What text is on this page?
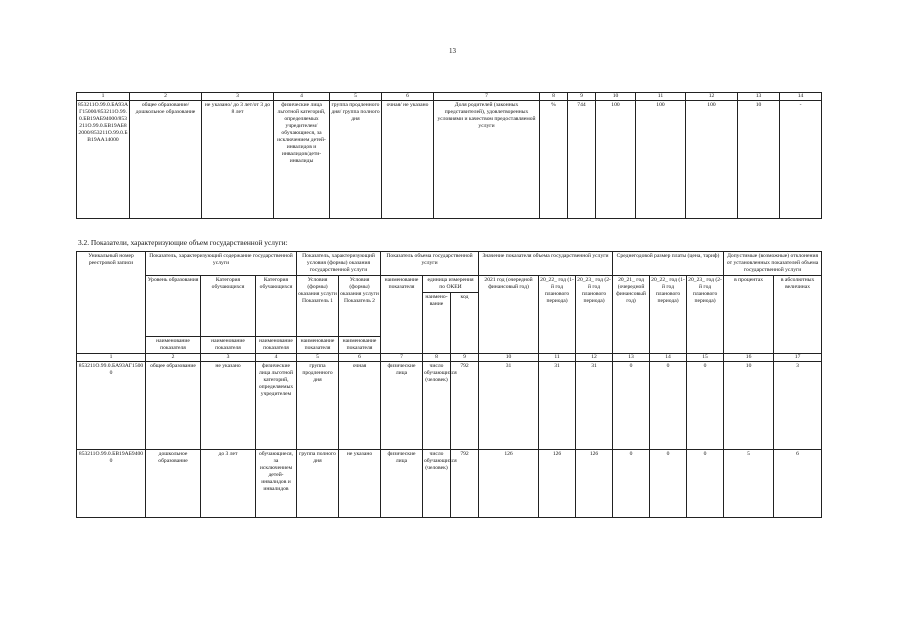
13
1	2	3	4	5	6	7	8	9	10	11	12	13	14
853211О.99.0.БА93АГ15000/853211О.99.0.БВ19АБ94000/853211О.99.0.БВ19АБ82000/853211О.99.0.БВ19АА14000	общее образование/ дошкольное образование	не указано/ до 3 лет/от 3 до 8 лет	физические лица льготной категорий, определяемых учредителем/ обучающиеся, за исключением детей-инвалидов и инвалидов/дети-инвалиды	группа продленного дня/ группа полного дня	очная/ не указано	Доля родителей (законных представителей), удовлетворенных условиями и качеством предоставляемой услуги	%	744	100	100	100	10	-
3.2. Показатели, характеризующие объем государственной услуги:
Уникальный номер реестровой записи	Показатель, характеризующий содержание государственной услуги			Показатель, характеризующий условия (формы) оказания государственной услуги		Показатель объема государственной услуги			Значение показателя объема государственной услуги			Среднегодовой размер платы (цена, тариф)			Допустимые (возможные) отклонения от установленных показателей объема государственной услуги	
	Уровень образования	Категория обучающихся	Категория обучающихся	Условия (формы) оказания услуги Показатель 1	Условия (формы) оказания услуги Показатель 2	наименование показателя	единица измерения по ОКЕИ		2021 год (очередной финансовый год)	20_22_ год (1-й год планового периода)	20_23_ год (2-й год планового периода)	20_21_ год (очередной финансовый год)	20_22_ год (1-й год планового периода)	20_23_ год (2-й год планового периода)	в процентах	в абсолютных величинах
							наимено-вание	код								
	наименование показателя	наименование показателя	наименование показателя	наименование показателя	наименование показателя											
1	2	3	4	5	6	7	8	9	10	11	12	13	14	15	16	17
853211О.99.0.БА93АГ15000	общее образование	не указано	физические лица льготной категорий, определяемых учредителем	группа продленного дня	очная	физические лица	число обучающихся (человек)	792	31	31	31	0	0	0	10	3
853211О.99.0.БВ19АБ94000	дошкольное образование	до 3 лет	обучающиеся, за исключением детей-инвалидов и инвалидов	группа полного дня	не указано	физические лица	число обучающихся (человек)	792	126	126	126	0	0	0	5	6
